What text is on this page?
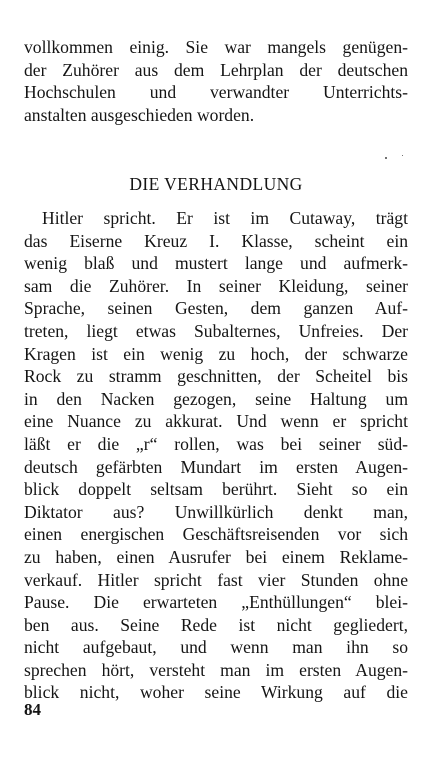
vollkommen einig. Sie war mangels genügen-
der Zuhörer aus dem Lehrplan der deutschen
Hochschulen und verwandter Unterrichts-
anstalten ausgeschieden worden.

DIE VERHANDLUNG

Hitler spricht. Er ist im Cutaway, trägt
das Eiserne Kreuz I. Klasse, scheint ein
wenig blaß und mustert lange und aufmerk-
sam die Zuhörer. In seiner Kleidung, seiner
Sprache, seinen Gesten, dem ganzen Auf-
treten, liegt etwas Subalternes, Unfreies. Der
Kragen ist ein wenig zu hoch, der schwarze
Rock zu stramm geschnitten, der Scheitel bis
in den Nacken gezogen, seine Haltung um
eine Nuance zu akkurat. Und wenn er spricht
läßt er die „r“ rollen, was bei seiner süd-
deutsch gefärbten Mundart im ersten Augen-
blick doppelt seltsam berührt. Sieht so ein
Diktator aus? Unwillkürlich denkt man,
einen energischen Geschäftsreisenden vor sich
zu haben, einen Ausrufer bei einem Reklame-
verkauf. Hitler spricht fast vier Stunden ohne
Pause. Die erwarteten „Enthüllungen“ blei-
ben aus. Seine Rede ist nicht gegliedert,
nicht aufgebaut, und wenn man ihn so
sprechen hört, versteht man im ersten Augen-
blick nicht, woher seine Wirkung auf die

84
